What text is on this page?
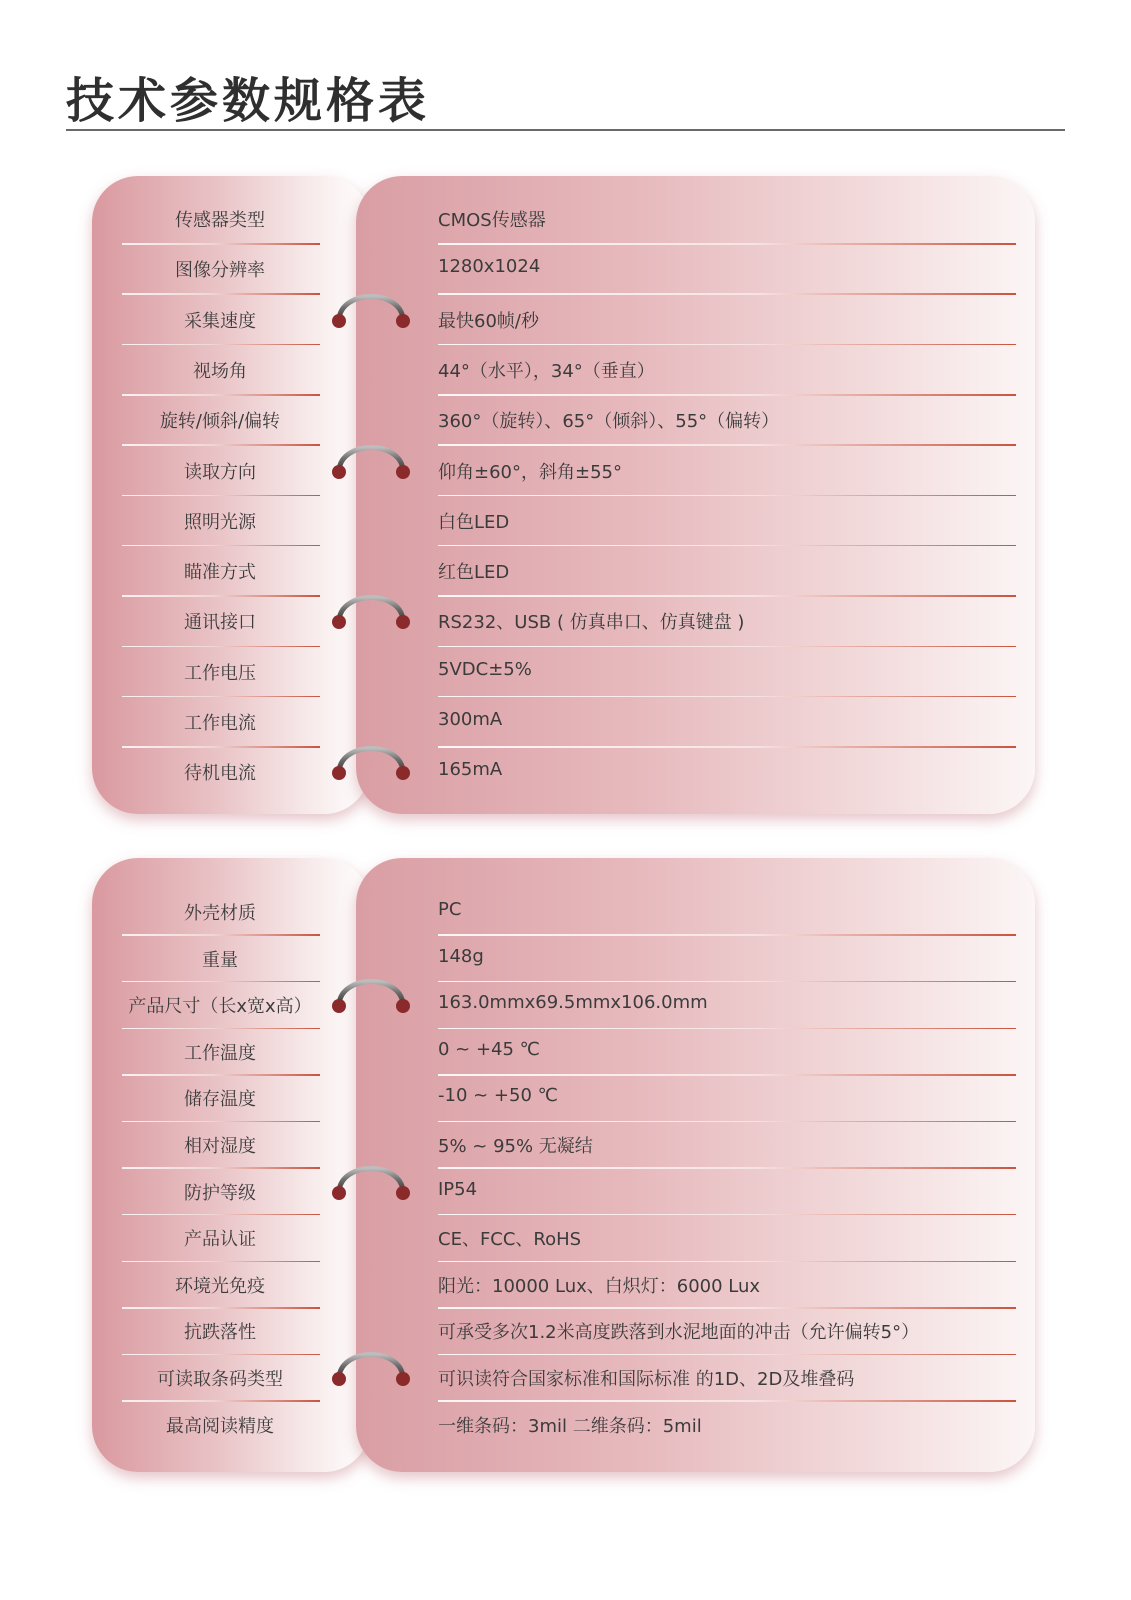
技术参数规格表
传感器类型	CMOS传感器
图像分辨率	1280x1024
采集速度	最快60帧/秒
视场角	44°（水平），34°（垂直）
旋转/倾斜/偏转	360°（旋转）、65°（倾斜）、55°（偏转）
读取方向	仰角±60°，斜角±55°
照明光源	白色LED
瞄准方式	红色LED
通讯接口	RS232、USB ( 仿真串口、仿真键盘 )
工作电压	5VDC±5%
工作电流	300mA
待机电流	165mA
外壳材质	PC
重量	148g
产品尺寸（长x宽x高）	163.0mmx69.5mmx106.0mm
工作温度	0 ~ +45 ℃
储存温度	-10 ~ +50 ℃
相对湿度	5% ~ 95% 无凝结
防护等级	IP54
产品认证	CE、FCC、RoHS
环境光免疫	阳光：10000 Lux、白炽灯：6000 Lux
抗跌落性	可承受多次1.2米高度跌落到水泥地面的冲击（允许偏转5°）
可读取条码类型	可识读符合国家标准和国际标准 的1D、2D及堆叠码
最高阅读精度	一维条码：3mil 二维条码：5mil
